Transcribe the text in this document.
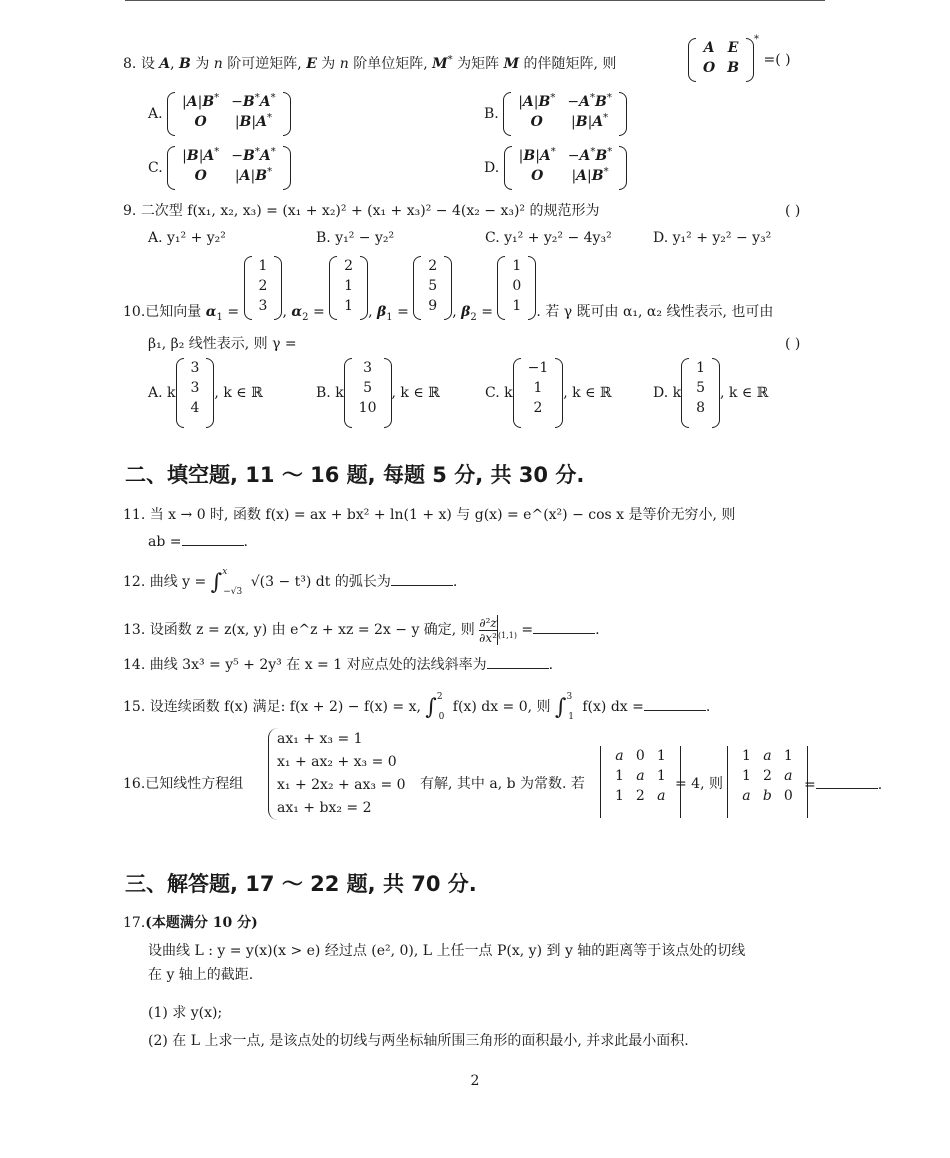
8. 设 A, B 为 n 阶可逆矩阵, E 为 n 阶单位矩阵, M* 为矩阵 M 的伴随矩阵, 则
A	E
O	B
* =( )
A.
|A|B*	−B*A*
O	|B|A*	B.
|A|B*	−A*B*
O	|B|A*
C.
|B|A*	−B*A*
O	|A|B*	D.
|B|A*	−A*B*
O	|A|B*
9. 二次型 f(x₁, x₂, x₃) = (x₁ + x₂)² + (x₁ + x₃)² − 4(x₂ − x₃)² 的规范形为	( )
A. y₁² + y₂²	B. y₁² − y₂²	C. y₁² + y₂² − 4y₃²	D. y₁² + y₂² − y₃²
10.已知向量 $\alpha_1$ =
1
2
3 , $\alpha_2$ =
2
1
1 , $\beta_1$ =
2
5
9 , $\beta_2$ =
1
0
1 . 若 γ 既可由 α₁, α₂ 线性表示, 也可由
β₁, β₂ 线性表示, 则 γ =	( )
A. k
3
3
4
, k ∈ ℝ	B. k
3
5
10
, k ∈ ℝ	C. k
−1
1
2
, k ∈ ℝ	D. k
1
5
8
, k ∈ ℝ
二、填空题, 11 ～ 16 题, 每题 5 分, 共 30 分.
11. 当 x → 0 时, 函数 f(x) = ax + bx² + ln(1 + x) 与 g(x) = e^(x²) − cos x 是等价无穷小, 则
ab =	.
12. 曲线 y = ∫$^x_{-√3}$ √(3 − t³) dt 的弧长为	.
13. 设函数 z = z(x, y) 由 e^z + xz = 2x − y 确定, 则 $\frac{\text{∂²z}}{\text{∂x²}} _{(1,1)}$ =	.
14. 曲线 3x³ = y⁵ + 2y³ 在 x = 1 对应点处的法线斜率为	.
15. 设连续函数 f(x) 满足: f(x + 2) − f(x) = x, ∫$^2_0$ f(x) dx = 0, 则 ∫$^3_1$ f(x) dx =	.
16.已知线性方程组
ax₁ + x₃ = 1
x₁ + ax₂ + x₃ = 0
x₁ + 2x₂ + ax₃ = 0
ax₁ + bx₂ = 2
有解, 其中 a, b 为常数. 若
a	0	1
1	a	1
1	2	a
= 4, 则
1	a	1
1	2	a
a	b	0
=	.
三、解答题, 17 ～ 22 题, 共 70 分.
17.(本题满分 10 分)
设曲线 L : y = y(x)(x > e) 经过点 (e², 0), L 上任一点 P(x, y) 到 y 轴的距离等于该点处的切线
在 y 轴上的截距.
(1) 求 y(x);
(2) 在 L 上求一点, 是该点处的切线与两坐标轴所围三角形的面积最小, 并求此最小面积.
2
